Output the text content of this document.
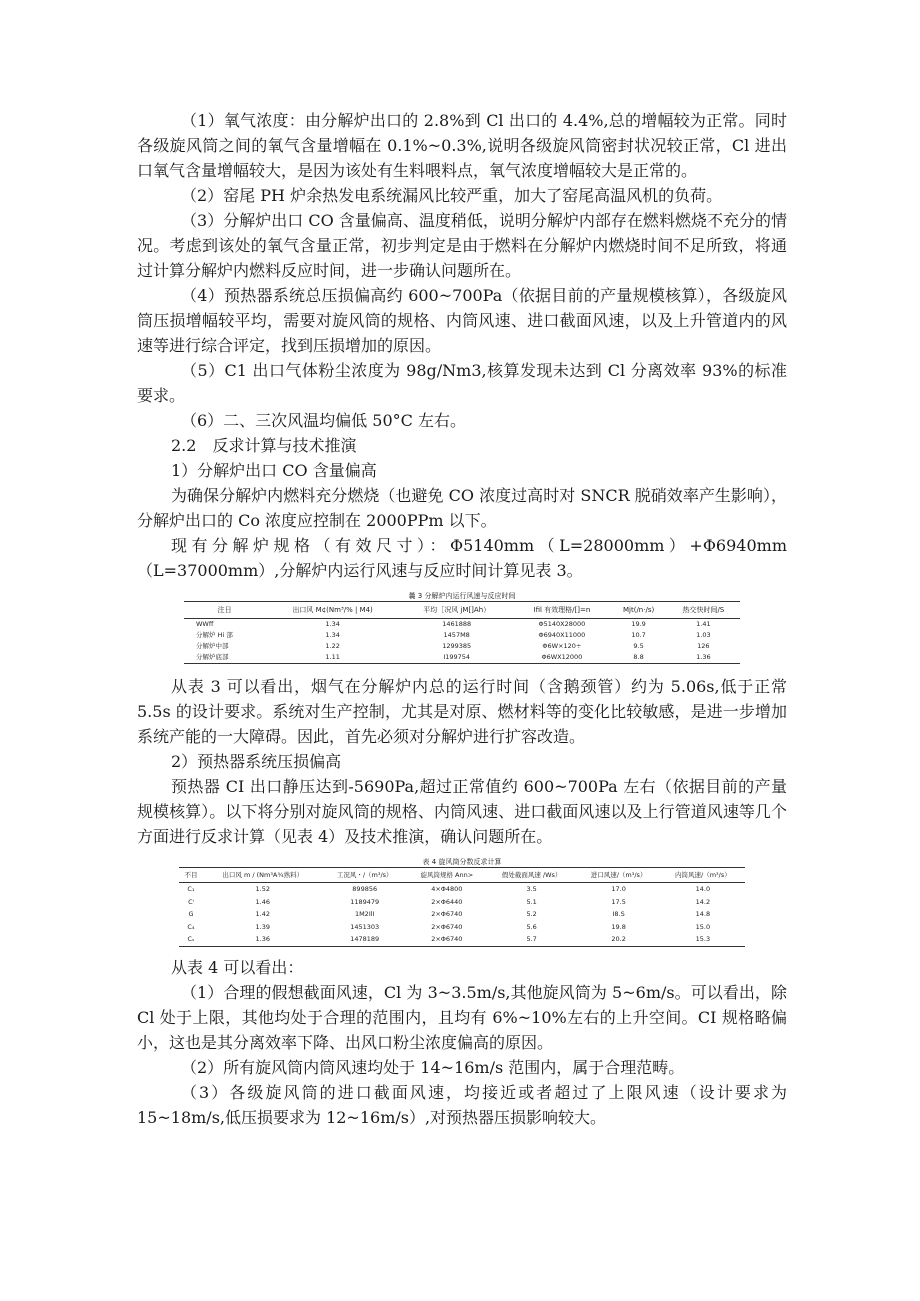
（1）氧气浓度：由分解炉出口的 2.8%到 Cl 出口的 4.4%,总的增幅较为正常。同时各级旋风筒之间的氧气含量增幅在 0.1%~0.3%,说明各级旋风筒密封状况较正常，Cl 进出口氧气含量增幅较大，是因为该处有生料喂料点，氧气浓度增幅较大是正常的。

（2）窑尾 PH 炉余热发电系统漏风比较严重，加大了窑尾高温风机的负荷。

（3）分解炉出口 CO 含量偏高、温度稍低，说明分解炉内部存在燃料燃烧不充分的情况。考虑到该处的氧气含量正常，初步判定是由于燃料在分解炉内燃烧时间不足所致，将通过计算分解炉内燃料反应时间，进一步确认问题所在。

（4）预热器系统总压损偏高约 600~700Pa（依据目前的产量规模核算），各级旋风筒压损增幅较平均，需要对旋风筒的规格、内筒风速、进口截面风速，以及上升管道内的风速等进行综合评定，找到压损增加的原因。

（5）C1 出口气体粉尘浓度为 98g/Nm3,核算发现未达到 Cl 分离效率 93%的标准要求。

（6）二、三次风温均偏低 50°C 左右。

2.2　反求计算与技术推演

1）分解炉出口 CO 含量偏高

为确保分解炉内燃料充分燃烧（也避免 CO 浓度过高时对 SNCR 脱硝效率产生影响），分解炉出口的 Co 浓度应控制在 2000PPm 以下。

现有分解炉规格（有效尺寸）：Φ5140mm（L=28000mm）+Φ6940mm（L=37000mm）,分解炉内运行风速与反应时间计算见表 3。

曩 3 分解炉内运行风速与反应时间
注日	出口风 M¢(Nm³/% | M4)	平均［况风 jM[]Ah）	Ifil 有效理格/[]=n	Mjt(/n·/s)	热交快时间/S
WWff	1.34	1461888	Φ5140X28000	19.9	1.41
分解炉 Hi 部	1.34	1457M8	Φ6940X11000	10.7	1.03
分解炉中部	1.22	1299385	Φ6W×120÷	9.5	126
分解炉底部	1.11	I199754	Φ6WX12000	8.8	1.36

从表 3 可以看出，烟气在分解炉内总的运行时间（含鹅颈管）约为 5.06s,低于正常 5.5s 的设计要求。系统对生产控制，尤其是对原、燃材料等的变化比较敏感，是进一步增加系统产能的一大障碍。因此，首先必须对分解炉进行扩容改造。

2）预热器系统压损偏高

预热器 CI 出口静压达到-5690Pa,超过正常值约 600~700Pa 左右（依据目前的产量规模核算）。以下将分别对旋风筒的规格、内筒风速、进口截面风速以及上行管道风速等几个方面进行反求计算（见表 4）及技术推演，确认问题所在。

表 4 旋风筒分数反求计算
不目	出口风 m / (Nm³A¾熟料）	工况风・/（m³/s）	旋风筒规格 Ann>	假处截面风速 /Ws）	进口风速/（m³/s）	内筒风速/（m³/s）
C₁	1.52	899856	4×Φ4800	3.5	17.0	14.0
Cⁱ	1.46	1189479	2×Φ6440	5.1	17.5	14.2
G	1.42	1M2IlI	2×Φ6740	5.2	I8.S	14.8
C₄	1.39	1451303	2×Φ6740	5.6	19.8	15.0
Cₛ	1.36	1478189	2×Φ6740	5.7	20.2	15.3

从表 4 可以看出：

（1）合理的假想截面风速，Cl 为 3~3.5m/s,其他旋风筒为 5~6m/s。可以看出，除 Cl 处于上限，其他均处于合理的范围内，且均有 6%~10%左右的上升空间。CI 规格略偏小，这也是其分离效率下降、出风口粉尘浓度偏高的原因。

（2）所有旋风筒内筒风速均处于 14~16m/s 范围内，属于合理范畴。

（3）各级旋风筒的进口截面风速，均接近或者超过了上限风速（设计要求为 15~18m/s,低压损要求为 12~16m/s）,对预热器压损影响较大。
